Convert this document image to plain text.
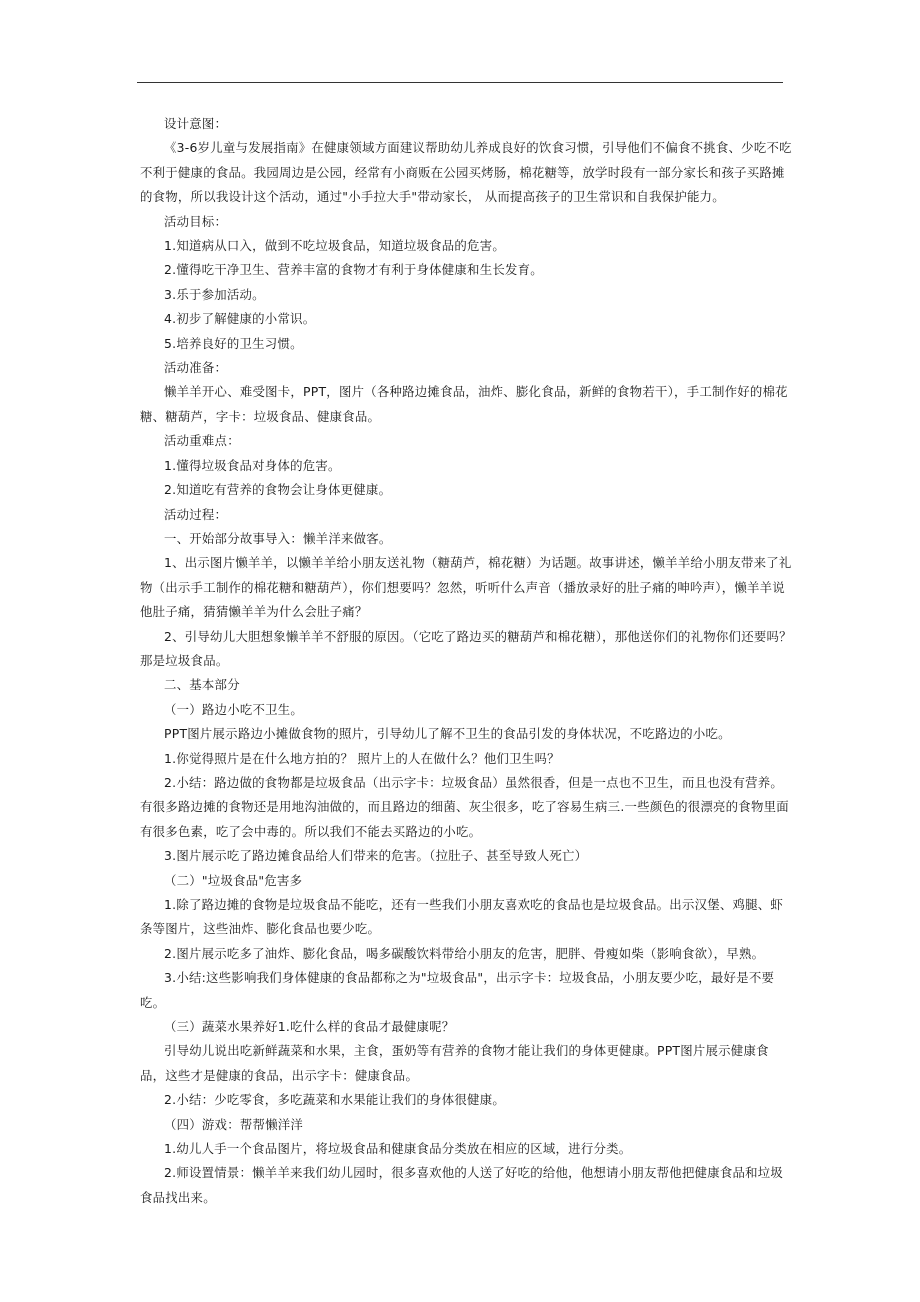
设计意图：

《3-6岁儿童与发展指南》在健康领域方面建议帮助幼儿养成良好的饮食习惯，引导他们不偏食不挑食、少吃不吃不利于健康的食品。我园周边是公园，经常有小商贩在公园买烤肠，棉花糖等，放学时段有一部分家长和孩子买路摊的食物，所以我设计这个活动，通过"小手拉大手"带动家长， 从而提高孩子的卫生常识和自我保护能力。

活动目标：

1.知道病从口入，做到不吃垃圾食品，知道垃圾食品的危害。

2.懂得吃干净卫生、营养丰富的食物才有利于身体健康和生长发育。

3.乐于参加活动。

4.初步了解健康的小常识。

5.培养良好的卫生习惯。

活动准备：

懒羊羊开心、难受图卡，PPT，图片（各种路边摊食品，油炸、膨化食品，新鲜的食物若干），手工制作好的棉花糖、糖葫芦，字卡：垃圾食品、健康食品。

活动重难点：

1.懂得垃圾食品对身体的危害。

2.知道吃有营养的食物会让身体更健康。

活动过程：

一、开始部分故事导入：懒羊洋来做客。

1、出示图片懒羊羊，以懒羊羊给小朋友送礼物（糖葫芦，棉花糖）为话题。故事讲述，懒羊羊给小朋友带来了礼物（出示手工制作的棉花糖和糖葫芦），你们想要吗？忽然，听听什么声音（播放录好的肚子痛的呻吟声），懒羊羊说他肚子痛，猜猜懒羊羊为什么会肚子痛？

2、引导幼儿大胆想象懒羊羊不舒服的原因。（它吃了路边买的糖葫芦和棉花糖），那他送你们的礼物你们还要吗？那是垃圾食品。

二、基本部分

（一）路边小吃不卫生。

PPT图片展示路边小摊做食物的照片，引导幼儿了解不卫生的食品引发的身体状况，不吃路边的小吃。

1.你觉得照片是在什么地方拍的？ 照片上的人在做什么？他们卫生吗？

2.小结：路边做的食物都是垃圾食品（出示字卡：垃圾食品）虽然很香，但是一点也不卫生，而且也没有营养。有很多路边摊的食物还是用地沟油做的，而且路边的细菌、灰尘很多，吃了容易生病三.一些颜色的很漂亮的食物里面有很多色素，吃了会中毒的。所以我们不能去买路边的小吃。

3.图片展示吃了路边摊食品给人们带来的危害。（拉肚子、甚至导致人死亡）

（二）"垃圾食品"危害多

1.除了路边摊的食物是垃圾食品不能吃，还有一些我们小朋友喜欢吃的食品也是垃圾食品。出示汉堡、鸡腿、虾条等图片，这些油炸、膨化食品也要少吃。

2.图片展示吃多了油炸、膨化食品，喝多碳酸饮料带给小朋友的危害，肥胖、骨瘦如柴（影响食欲），早熟。

3.小结:这些影响我们身体健康的食品都称之为"垃圾食品"，出示字卡：垃圾食品，小朋友要少吃，最好是不要吃。

（三）蔬菜水果养好1.吃什么样的食品才最健康呢？

引导幼儿说出吃新鲜蔬菜和水果，主食，蛋奶等有营养的食物才能让我们的身体更健康。PPT图片展示健康食品，这些才是健康的食品，出示字卡：健康食品。

2.小结：少吃零食，多吃蔬菜和水果能让我们的身体很健康。

（四）游戏：帮帮懒洋洋

1.幼儿人手一个食品图片，将垃圾食品和健康食品分类放在相应的区域，进行分类。

2.师设置情景：懒羊羊来我们幼儿园时，很多喜欢他的人送了好吃的给他，他想请小朋友帮他把健康食品和垃圾食品找出来。
